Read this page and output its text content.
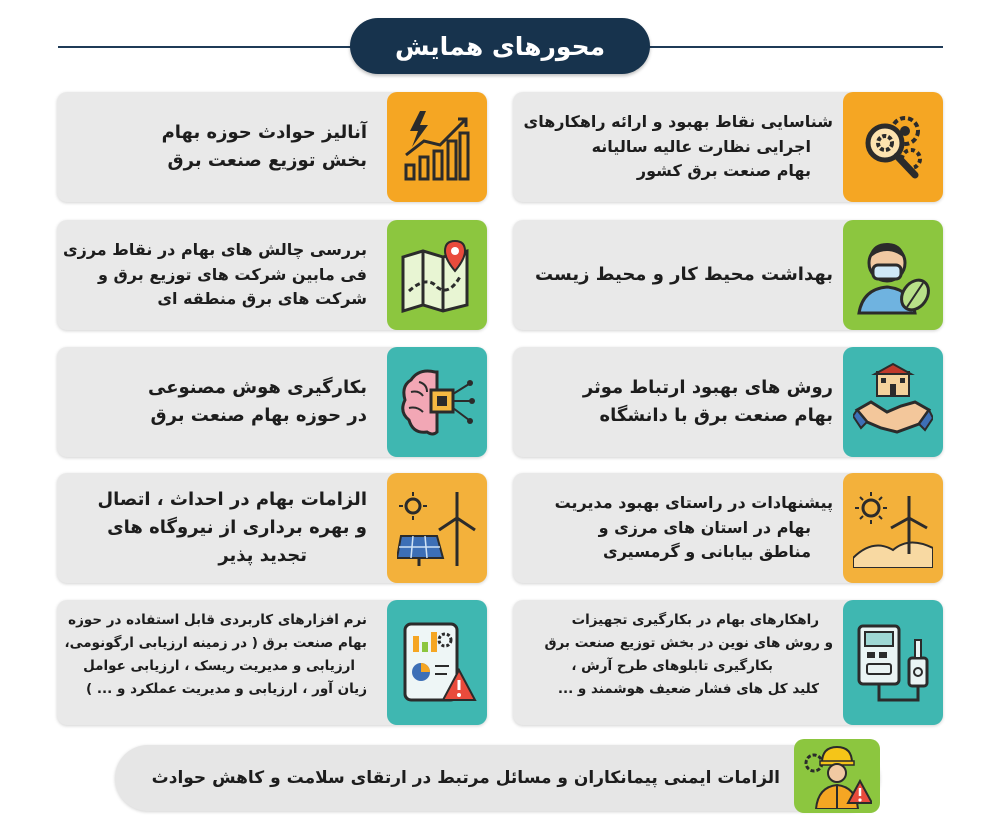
محورهای همایش
شناسایی نقاط بهبود و ارائه راهکارهای
اجرایی نظارت عالیه سالیانه
بهام صنعت برق کشور
آنالیز حوادث حوزه بهام
بخش توزیع صنعت برق
بهداشت محیط کار و محیط زیست
بررسی چالش های بهام در نقاط مرزی
فی مابین شرکت های توزیع برق و
شرکت های برق منطقه ای
روش های بهبود ارتباط موثر
بهام صنعت برق با دانشگاه
بکارگیری هوش مصنوعی
در حوزه بهام صنعت برق
پیشنهادات در راستای بهبود مدیریت
بهام در استان های مرزی و
مناطق بیابانی و گرمسیری
الزامات بهام در احداث ، اتصال
و بهره برداری از نیروگاه های
تجدید پذیر
راهکارهای بهام در بکارگیری تجهیزات
و روش های نوین در بخش توزیع صنعت برق
بکارگیری تابلوهای طرح آرش ،
کلید کل های فشار ضعیف هوشمند و ...
نرم افزارهای کاربردی قابل استفاده در حوزه
بهام صنعت برق ( در زمینه ارزیابی ارگونومی،
ارزیابی و مدیریت ریسک ، ارزیابی عوامل
زیان آور ، ارزیابی و مدیریت عملکرد و ... )
الزامات ایمنی پیمانکاران و مسائل مرتبط در ارتقای سلامت و کاهش حوادث
